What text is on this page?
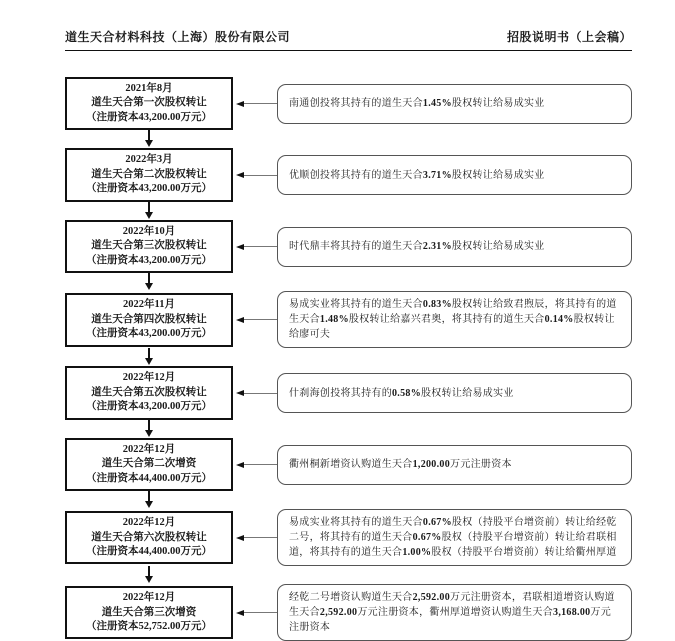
道生天合材料科技（上海）股份有限公司	招股说明书（上会稿）
2021年8月
道生天合第一次股权转让
（注册资本43,200.00万元）
南通创投将其持有的道生天合1.45%股权转让给易成实业
2022年3月
道生天合第二次股权转让
（注册资本43,200.00万元）
优顺创投将其持有的道生天合3.71%股权转让给易成实业
2022年10月
道生天合第三次股权转让
（注册资本43,200.00万元）
时代鼎丰将其持有的道生天合2.31%股权转让给易成实业
2022年11月
道生天合第四次股权转让
（注册资本43,200.00万元）
易成实业将其持有的道生天合0.83%股权转让给致君煦辰，将其持有的道生天合1.48%股权转让给嘉兴君奥，将其持有的道生天合0.14%股权转让给廖可夫
2022年12月
道生天合第五次股权转让
（注册资本43,200.00万元）
什刹海创投将其持有的0.58%股权转让给易成实业
2022年12月
道生天合第二次增资
（注册资本44,400.00万元）
衢州桐新增资认购道生天合1,200.00万元注册资本
2022年12月
道生天合第六次股权转让
（注册资本44,400.00万元）
易成实业将其持有的道生天合0.67%股权（持股平台增资前）转让给经乾二号，将其持有的道生天合0.67%股权（持股平台增资前）转让给君联相道，将其持有的道生天合1.00%股权（持股平台增资前）转让给衢州厚道
2022年12月
道生天合第三次增资
（注册资本52,752.00万元）
经乾二号增资认购道生天合2,592.00万元注册资本，君联相道增资认购道生天合2,592.00万元注册资本，衢州厚道增资认购道生天合3,168.00万元注册资本
